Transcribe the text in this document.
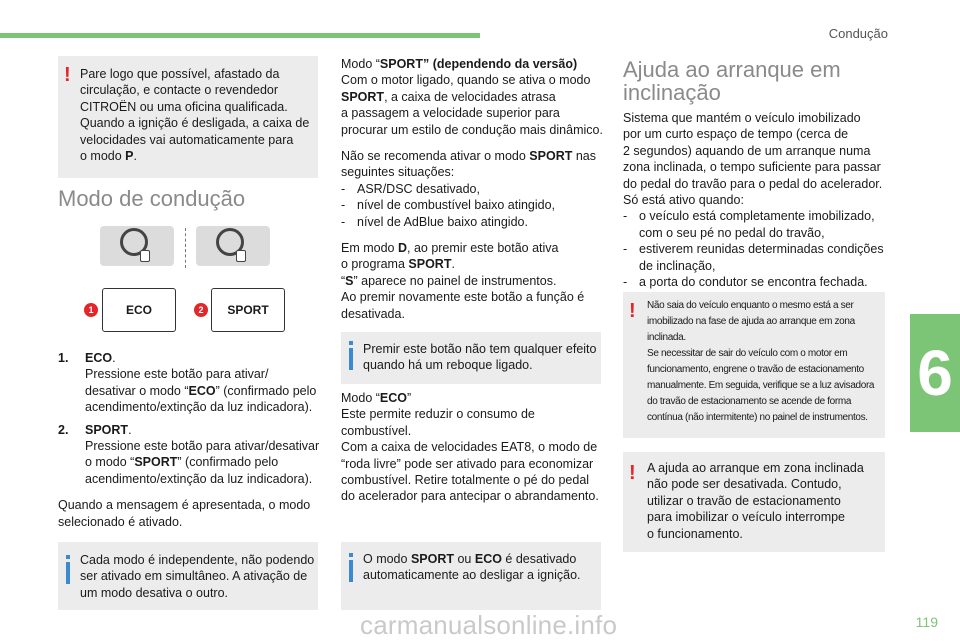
Condução
6
119
carmanualsonline.info
! Pare logo que possível, afastado da
circulação, e contacte o revendedor
CITROËN ou uma oficina qualificada.
Quando a ignição é desligada, a caixa de
velocidades vai automaticamente para
o modo P.
Modo de condução
1	ECO	2	SPORT
1.	ECO.
Pressione este botão para ativar/
desativar o modo “ECO” (confirmado pelo
acendimento/extinção da luz indicadora).
2.	SPORT.
Pressione este botão para ativar/desativar
o modo “SPORT” (confirmado pelo
acendimento/extinção da luz indicadora).
Quando a mensagem é apresentada, o modo
selecionado é ativado.
Cada modo é independente, não podendo
ser ativado em simultâneo. A ativação de
um modo desativa o outro.
Modo “SPORT” (dependendo da versão)
Com o motor ligado, quando se ativa o modo
SPORT, a caixa de velocidades atrasa
a passagem a velocidade superior para
procurar um estilo de condução mais dinâmico.
Não se recomenda ativar o modo SPORT nas
seguintes situações:
- ASR/DSC desativado,
- nível de combustível baixo atingido,
- nível de AdBlue baixo atingido.
Em modo D, ao premir este botão ativa
o programa SPORT.
“S” aparece no painel de instrumentos.
Ao premir novamente este botão a função é
desativada.
Premir este botão não tem qualquer efeito
quando há um reboque ligado.
Modo “ECO”
Este permite reduzir o consumo de
combustível.
Com a caixa de velocidades EAT8, o modo de
“roda livre” pode ser ativado para economizar
combustível. Retire totalmente o pé do pedal
do acelerador para antecipar o abrandamento.
O modo SPORT ou ECO é desativado
automaticamente ao desligar a ignição.
Ajuda ao arranque em
inclinação
Sistema que mantém o veículo imobilizado
por um curto espaço de tempo (cerca de
2 segundos) aquando de um arranque numa
zona inclinada, o tempo suficiente para passar
do pedal do travão para o pedal do acelerador.
Só está ativo quando:
- o veículo está completamente imobilizado,
com o seu pé no pedal do travão,
- estiverem reunidas determinadas condições
de inclinação,
- a porta do condutor se encontra fechada.
! Não saia do veículo enquanto o mesmo está a ser
imobilizado na fase de ajuda ao arranque em zona
inclinada.
Se necessitar de sair do veículo com o motor em
funcionamento, engrene o travão de estacionamento
manualmente. Em seguida, verifique se a luz avisadora
do travão de estacionamento se acende de forma
contínua (não intermitente) no painel de instrumentos.
! A ajuda ao arranque em zona inclinada
não pode ser desativada. Contudo,
utilizar o travão de estacionamento
para imobilizar o veículo interrompe
o funcionamento.
